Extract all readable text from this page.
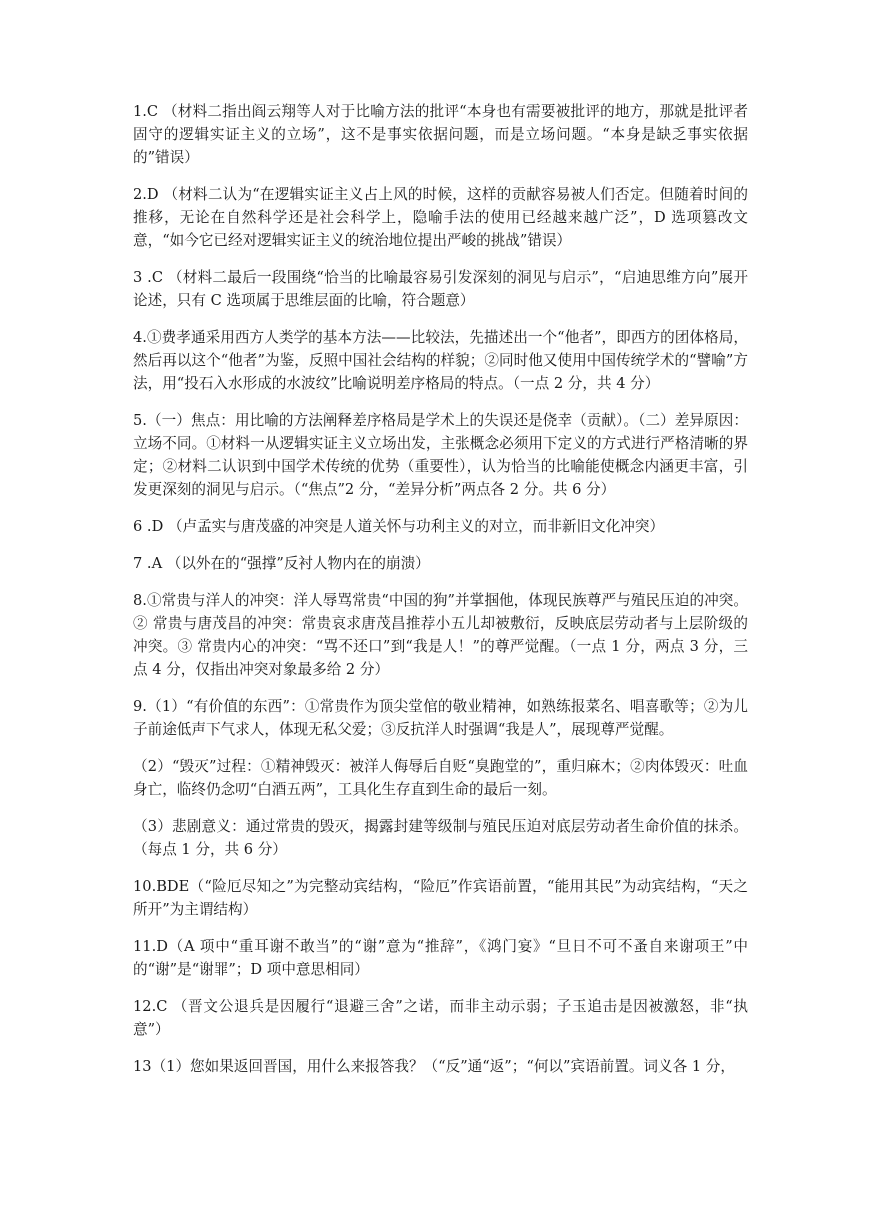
1.C （材料二指出阎云翔等人对于比喻方法的批评“本身也有需要被批评的地方，那就是批评者固守的逻辑实证主义的立场”，这不是事实依据问题，而是立场问题。“本身是缺乏事实依据的”错误）

2.D （材料二认为“在逻辑实证主义占上风的时候，这样的贡献容易被人们否定。但随着时间的推移，无论在自然科学还是社会科学上，隐喻手法的使用已经越来越广泛”，D 选项篡改文意，“如今它已经对逻辑实证主义的统治地位提出严峻的挑战”错误）

3 .C （材料二最后一段围绕“恰当的比喻最容易引发深刻的洞见与启示”，“启迪思维方向”展开论述，只有 C 选项属于思维层面的比喻，符合题意）

4.①费孝通采用西方人类学的基本方法——比较法，先描述出一个“他者”，即西方的团体格局，然后再以这个“他者”为鉴，反照中国社会结构的样貌；②同时他又使用中国传统学术的“譬喻”方法，用“投石入水形成的水波纹”比喻说明差序格局的特点。（一点 2 分，共 4 分）

5.（一）焦点：用比喻的方法阐释差序格局是学术上的失误还是侥幸（贡献）。（二）差异原因：立场不同。①材料一从逻辑实证主义立场出发，主张概念必须用下定义的方式进行严格清晰的界定；②材料二认识到中国学术传统的优势（重要性），认为恰当的比喻能使概念内涵更丰富，引发更深刻的洞见与启示。（“焦点”2 分，“差异分析”两点各 2 分。共 6 分）

6 .D （卢孟实与唐茂盛的冲突是人道关怀与功利主义的对立，而非新旧文化冲突）

7 .A （以外在的“强撑”反衬人物内在的崩溃）

8.①常贵与洋人的冲突：洋人辱骂常贵“中国的狗”并掌掴他，体现民族尊严与殖民压迫的冲突。② 常贵与唐茂昌的冲突：常贵哀求唐茂昌推荐小五儿却被敷衍，反映底层劳动者与上层阶级的冲突。③ 常贵内心的冲突：“骂不还口”到“我是人！”的尊严觉醒。（一点 1 分，两点 3 分，三点 4 分，仅指出冲突对象最多给 2 分）

9.（1）“有价值的东西”：①常贵作为顶尖堂倌的敬业精神，如熟练报菜名、唱喜歌等；②为儿子前途低声下气求人，体现无私父爱；③反抗洋人时强调“我是人”，展现尊严觉醒。

（2）“毁灭”过程：①精神毁灭：被洋人侮辱后自贬“臭跑堂的”，重归麻木；②肉体毁灭：吐血身亡，临终仍念叨“白酒五两”，工具化生存直到生命的最后一刻。

（3）悲剧意义：通过常贵的毁灭，揭露封建等级制与殖民压迫对底层劳动者生命价值的抹杀。（每点 1 分，共 6 分）

10.BDE（“险厄尽知之”为完整动宾结构，“险厄”作宾语前置，“能用其民”为动宾结构，“天之所开”为主谓结构）

11.D（A 项中“重耳谢不敢当”的“谢”意为“推辞”，《鸿门宴》“旦日不可不蚤自来谢项王”中的“谢”是“谢罪”；D 项中意思相同）

12.C （晋文公退兵是因履行“退避三舍”之诺，而非主动示弱；子玉追击是因被激怒，非“执意”）

13（1）您如果返回晋国，用什么来报答我？（“反”通“返”；“何以”宾语前置。词义各 1 分，
